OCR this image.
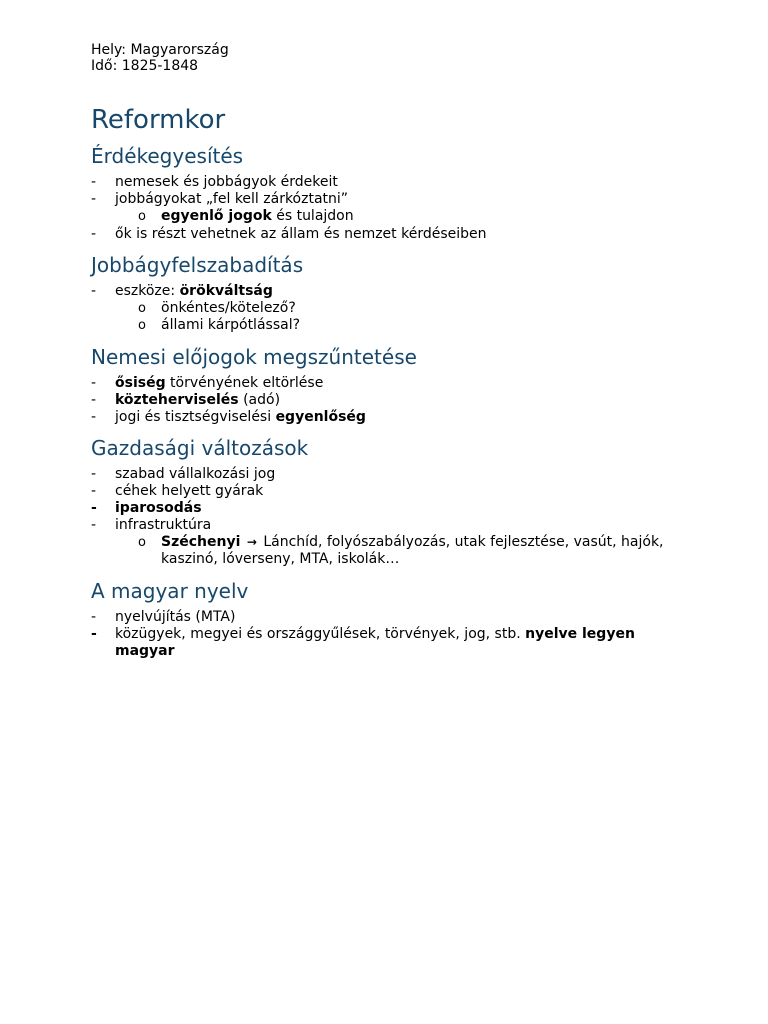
Hely: Magyarország
Idő: 1825-1848
Reformkor
Érdékegyesítés
- nemesek és jobbágyok érdekeit
- jobbágyokat „fel kell zárkóztatni”
o egyenlő jogok és tulajdon
- ők is részt vehetnek az állam és nemzet kérdéseiben
Jobbágyfelszabadítás
- eszköze: örökváltság
o önkéntes/kötelező?
o állami kárpótlással?
Nemesi előjogok megszűntetése
- ősiség törvényének eltörlése
- közteherviselés (adó)
- jogi és tisztségviselési egyenlőség
Gazdasági változások
- szabad vállalkozási jog
- céhek helyett gyárak
- iparosodás
- infrastruktúra
o Széchenyi → Lánchíd, folyószabályozás, utak fejlesztése, vasút, hajók, kaszinó, lóverseny, MTA, iskolák…
A magyar nyelv
- nyelvújítás (MTA)
- közügyek, megyei és országgyűlések, törvények, jog, stb. nyelve legyen magyar
